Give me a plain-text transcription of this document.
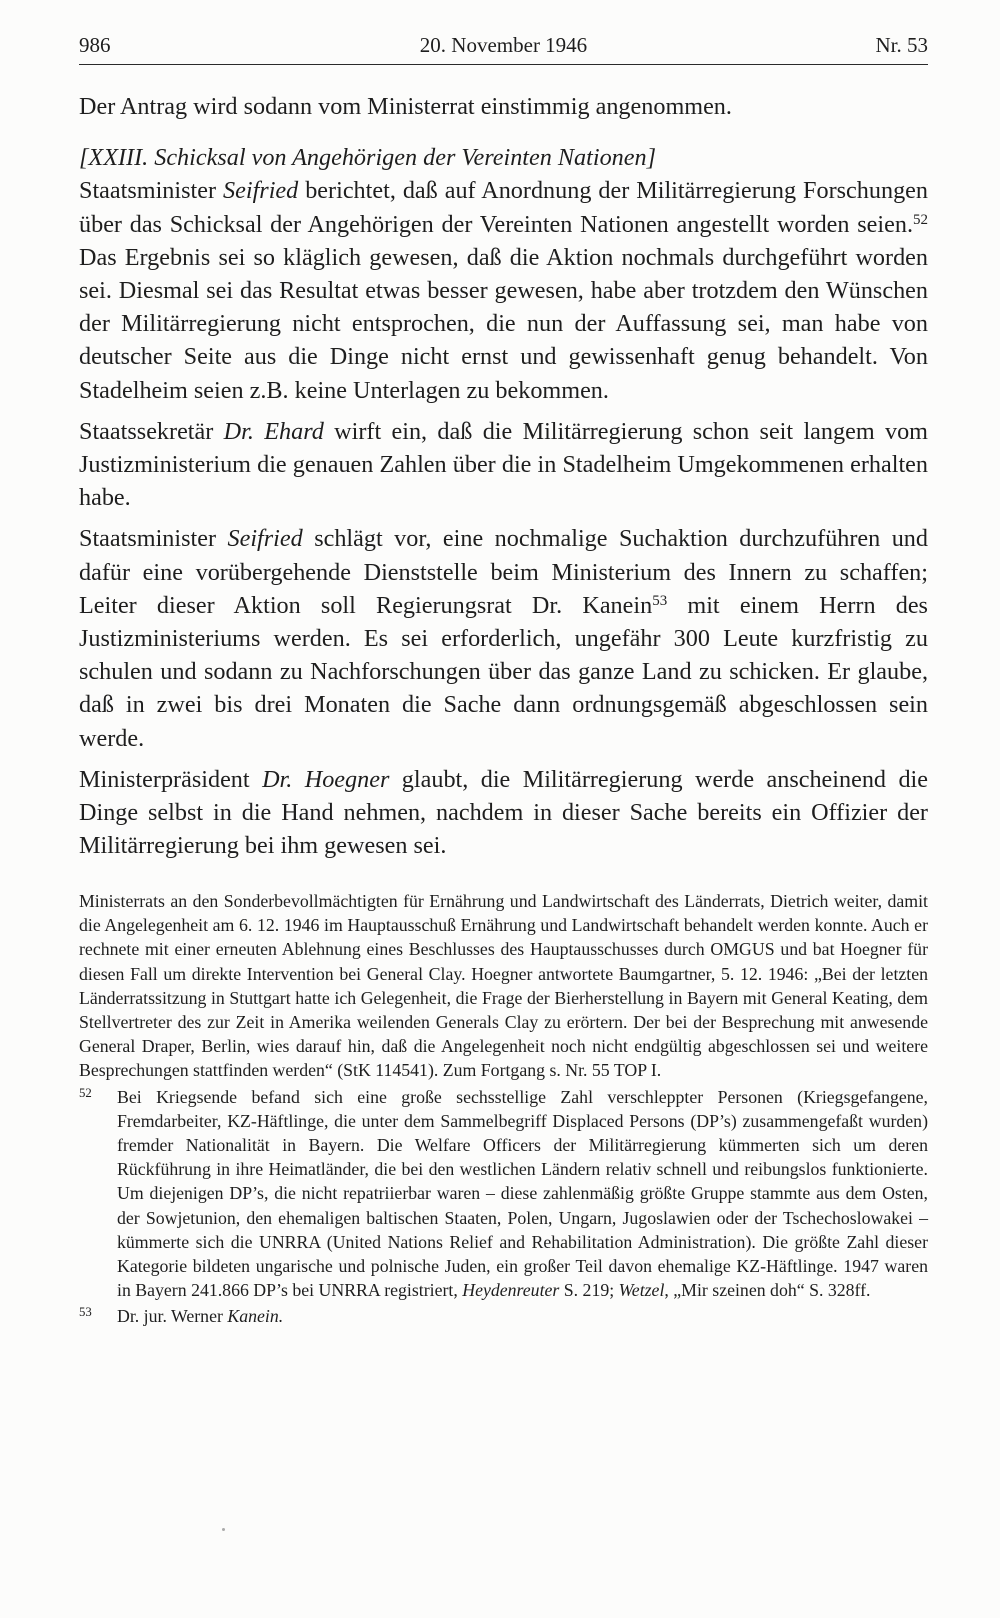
986	20. November 1946	Nr. 53

Der Antrag wird sodann vom Ministerrat einstimmig angenommen.

[XXIII. Schicksal von Angehörigen der Vereinten Nationen]

Staatsminister Seifried berichtet, daß auf Anordnung der Militärregierung Forschungen über das Schicksal der Angehörigen der Vereinten Nationen angestellt worden seien.$^{52}$ Das Ergebnis sei so kläglich gewesen, daß die Aktion nochmals durchgeführt worden sei. Diesmal sei das Resultat etwas besser gewesen, habe aber trotzdem den Wünschen der Militärregierung nicht entsprochen, die nun der Auffassung sei, man habe von deutscher Seite aus die Dinge nicht ernst und gewissenhaft genug behandelt. Von Stadelheim seien z.B. keine Unterlagen zu bekommen.

Staatssekretär Dr. Ehard wirft ein, daß die Militärregierung schon seit langem vom Justizministerium die genauen Zahlen über die in Stadelheim Umgekommenen erhalten habe.

Staatsminister Seifried schlägt vor, eine nochmalige Suchaktion durchzuführen und dafür eine vorübergehende Dienststelle beim Ministerium des Innern zu schaffen; Leiter dieser Aktion soll Regierungsrat Dr. Kanein$^{53}$ mit einem Herrn des Justizministeriums werden. Es sei erforderlich, ungefähr 300 Leute kurzfristig zu schulen und sodann zu Nachforschungen über das ganze Land zu schicken. Er glaube, daß in zwei bis drei Monaten die Sache dann ordnungsgemäß abgeschlossen sein werde.

Ministerpräsident Dr. Hoegner glaubt, die Militärregierung werde anscheinend die Dinge selbst in die Hand nehmen, nachdem in dieser Sache bereits ein Offizier der Militärregierung bei ihm gewesen sei.

Ministerrats an den Sonderbevollmächtigten für Ernährung und Landwirtschaft des Länderrats, Dietrich weiter, damit die Angelegenheit am 6. 12. 1946 im Hauptausschuß Ernährung und Landwirtschaft behandelt werden konnte. Auch er rechnete mit einer erneuten Ablehnung eines Beschlusses des Hauptausschusses durch OMGUS und bat Hoegner für diesen Fall um direkte Intervention bei General Clay. Hoegner antwortete Baumgartner, 5. 12. 1946: „Bei der letzten Länderratssitzung in Stuttgart hatte ich Gelegenheit, die Frage der Bierherstellung in Bayern mit General Keating, dem Stellvertreter des zur Zeit in Amerika weilenden Generals Clay zu erörtern. Der bei der Besprechung mit anwesende General Draper, Berlin, wies darauf hin, daß die Angelegenheit noch nicht endgültig abgeschlossen sei und weitere Besprechungen stattfinden werden“ (StK 114541). Zum Fortgang s. Nr. 55 TOP I.

52 Bei Kriegsende befand sich eine große sechsstellige Zahl verschleppter Personen (Kriegsgefangene, Fremdarbeiter, KZ-Häftlinge, die unter dem Sammelbegriff Displaced Persons (DP’s) zusammengefaßt wurden) fremder Nationalität in Bayern. Die Welfare Officers der Militärregierung kümmerten sich um deren Rückführung in ihre Heimatländer, die bei den westlichen Ländern relativ schnell und reibungslos funktionierte. Um diejenigen DP’s, die nicht repatriierbar waren – diese zahlenmäßig größte Gruppe stammte aus dem Osten, der Sowjetunion, den ehemaligen baltischen Staaten, Polen, Ungarn, Jugoslawien oder der Tschechoslowakei – kümmerte sich die UNRRA (United Nations Relief and Rehabilitation Administration). Die größte Zahl dieser Kategorie bildeten ungarische und polnische Juden, ein großer Teil davon ehemalige KZ-Häftlinge. 1947 waren in Bayern 241.866 DP’s bei UNRRA registriert, Heydenreuter S. 219; Wetzel, „Mir szeinen doh“ S. 328ff.

53 Dr. jur. Werner Kanein.
